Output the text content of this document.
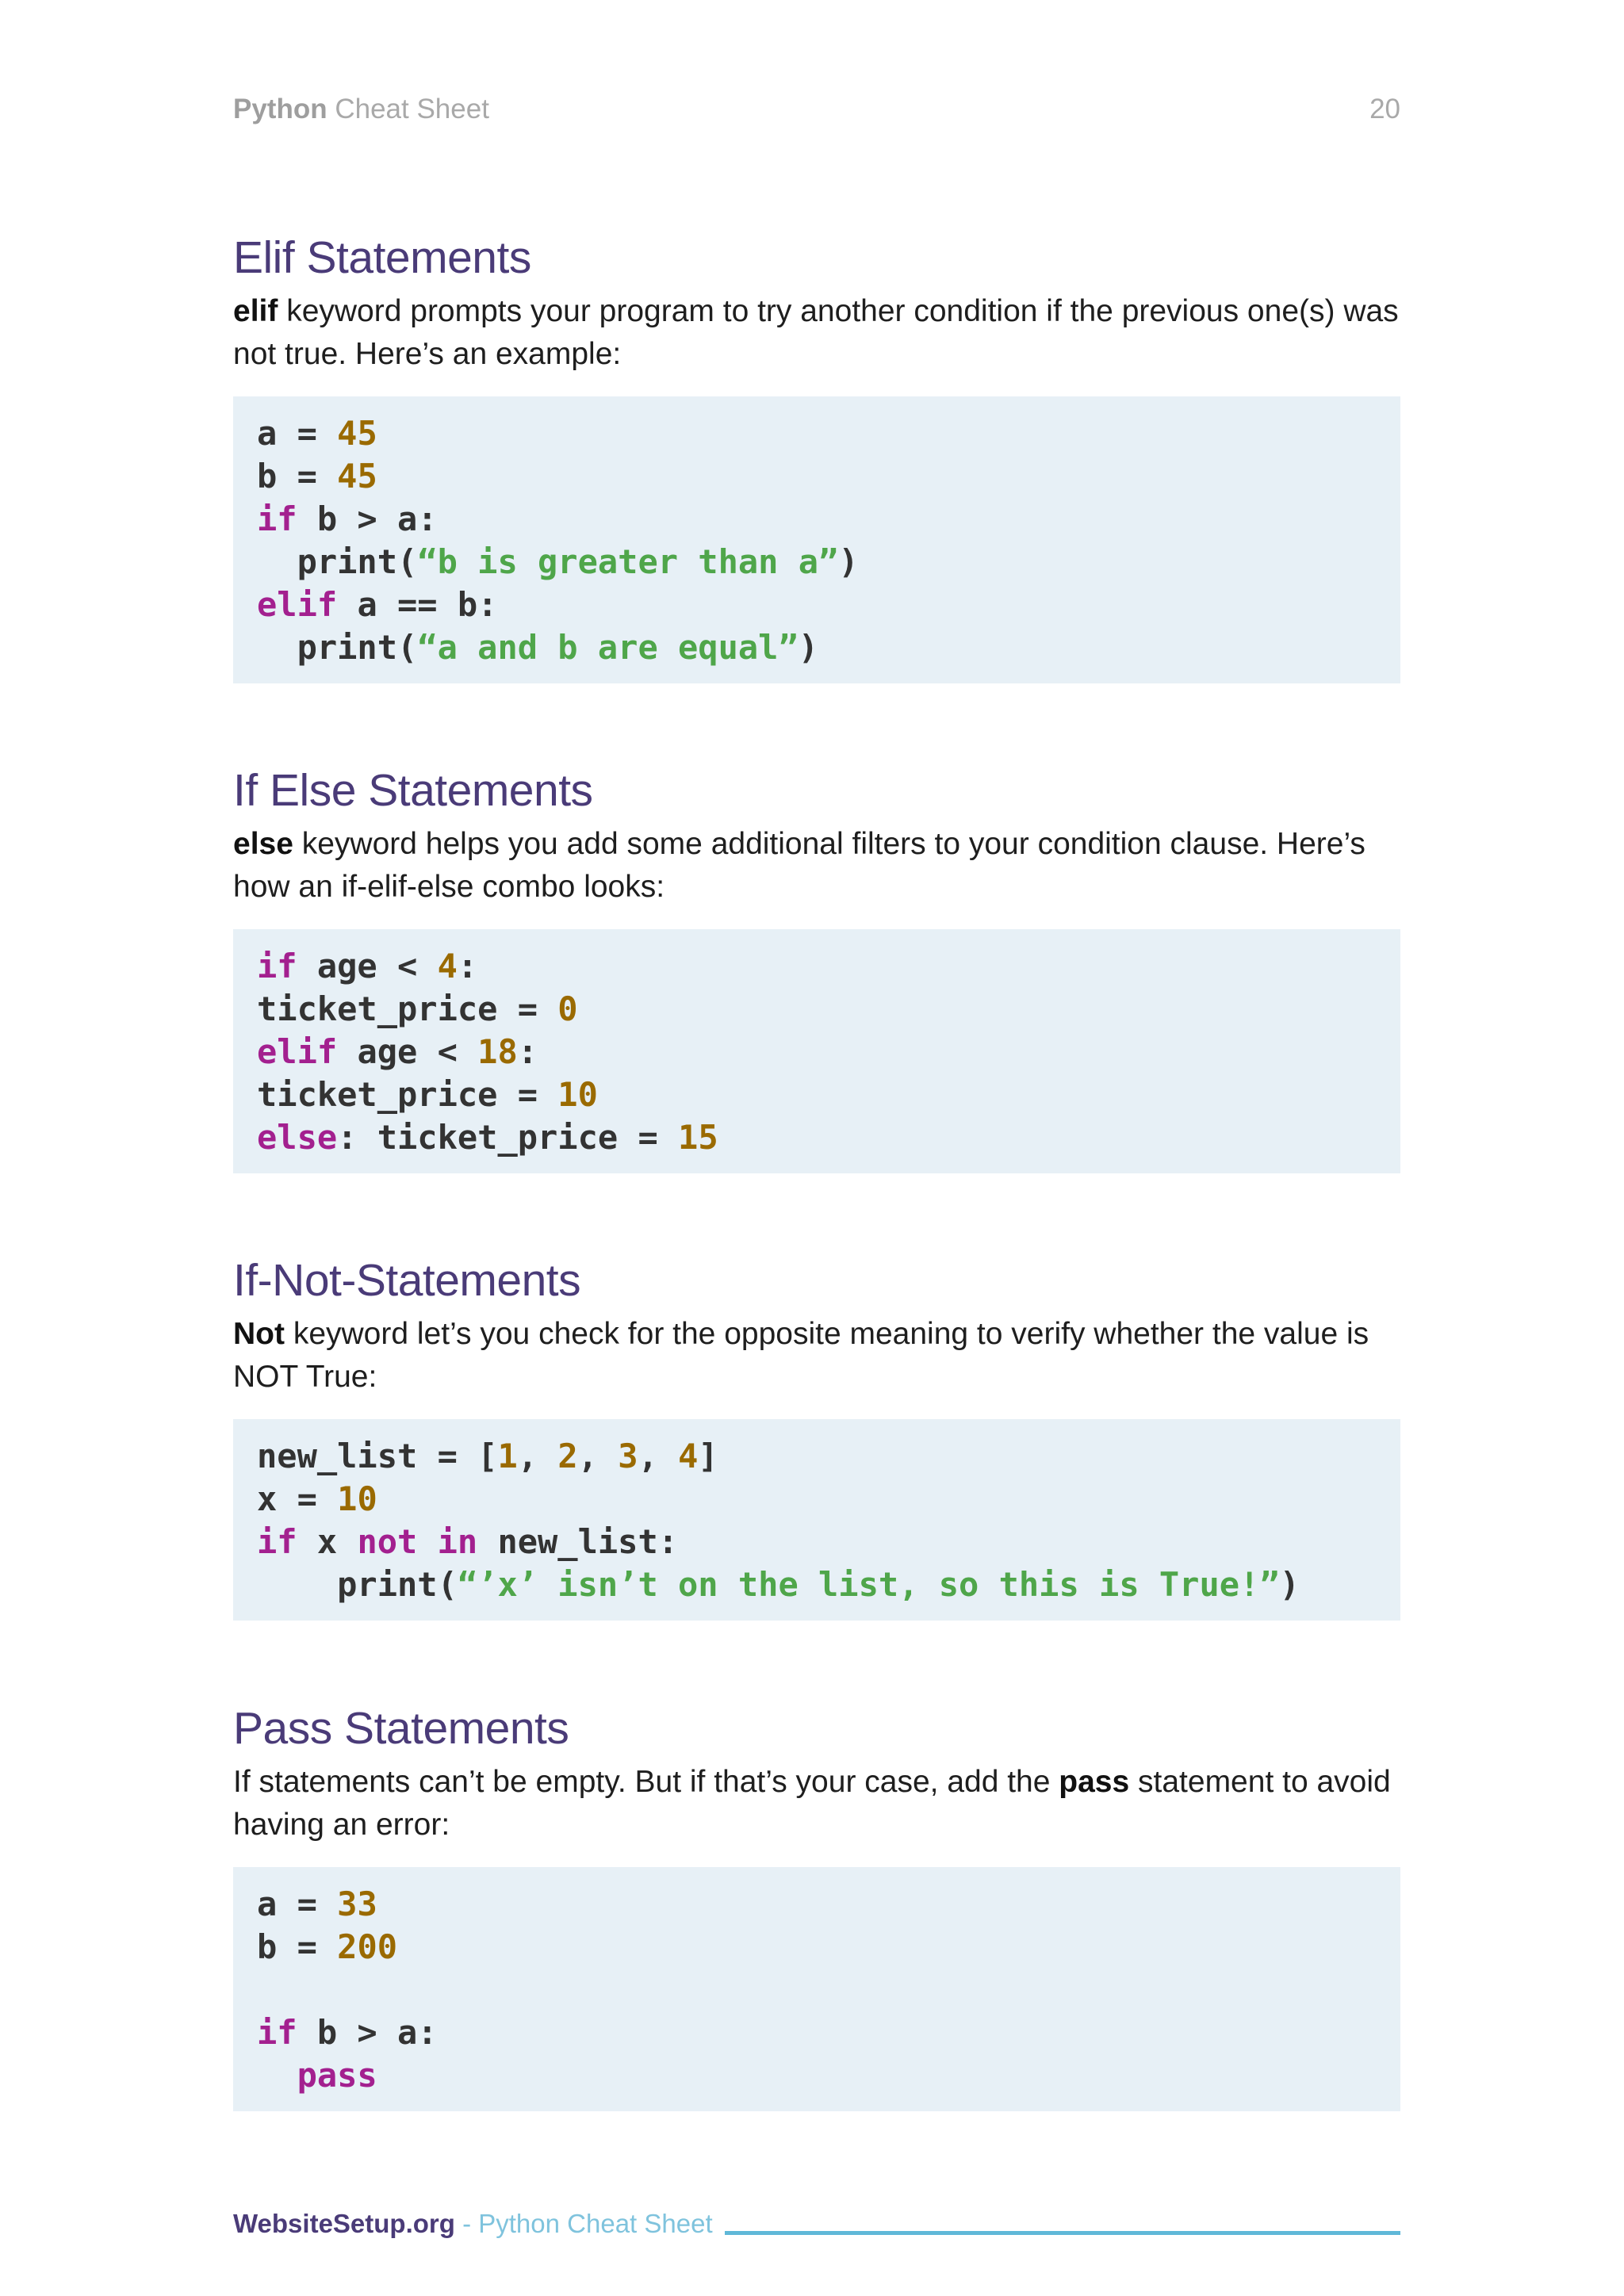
Python Cheat Sheet	20
Elif Statements

elif keyword prompts your program to try another condition if the previous one(s) was not true. Here’s an example:

a = 45
b = 45
if b > a:
print(“b is greater than a”)
elif a == b:
print(“a and b are equal”)
If Else Statements

else keyword helps you add some additional filters to your condition clause. Here’s how an if-elif-else combo looks:

if age < 4:
ticket_price = 0
elif age < 18:
ticket_price = 10
else: ticket_price = 15
If-Not-Statements

Not keyword let’s you check for the opposite meaning to verify whether the value is NOT True:

new_list = [1, 2, 3, 4]
x = 10
if x not in new_list:
print(“’x’ isn’t on the list, so this is True!”)
Pass Statements

If statements can’t be empty. But if that’s your case, add the pass statement to avoid having an error:

a = 33
b = 200
if b > a:
pass
WebsiteSetup.org - Python Cheat Sheet
